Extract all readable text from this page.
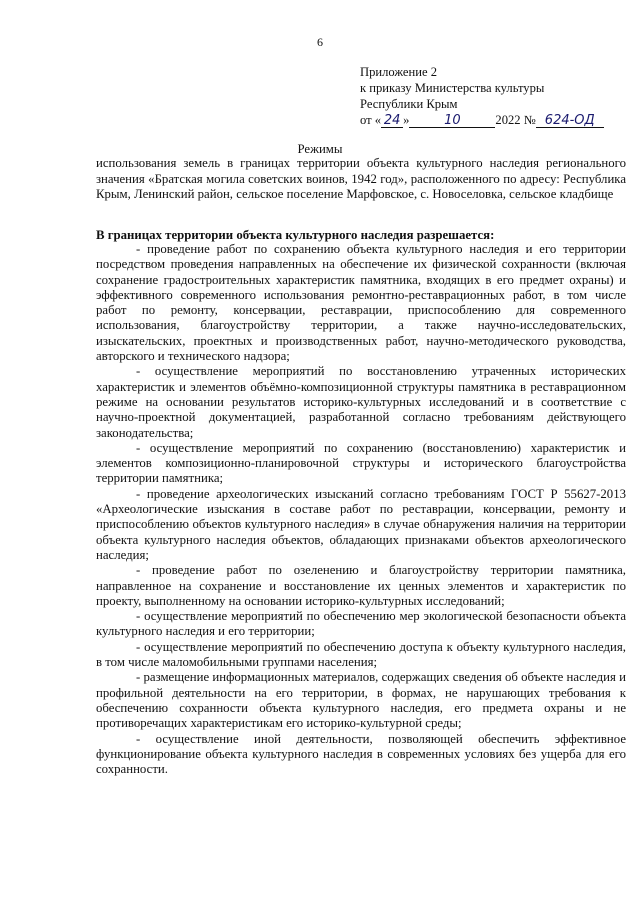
6
Приложение 2
к приказу Министерства культуры
Республики Крым
от « 24 »	10	2022 № 624-ОД
Режимы

использования земель в границах территории объекта культурного наследия регионального значения «Братская могила советских воинов, 1942 год», расположенного по адресу: Республика Крым, Ленинский район, сельское поселение Марфовское, с. Новоселовка, сельское кладбище

В границах территории объекта культурного наследия разрешается:

- проведение работ по сохранению объекта культурного наследия и его территории посредством проведения направленных на обеспечение их физической сохранности (включая сохранение градостроительных характеристик памятника, входящих в его предмет охраны) и эффективного современного использования ремонтно-реставрационных работ, в том числе работ по ремонту, консервации, реставрации, приспособлению для современного использования, благоустройству территории, а также научно-исследовательских, изыскательских, проектных и производственных работ, научно-методического руководства, авторского и технического надзора;

- осуществление мероприятий по восстановлению утраченных исторических характеристик и элементов объёмно-композиционной структуры памятника в реставрационном режиме на основании результатов историко-культурных исследований и в соответствие с научно-проектной документацией, разработанной согласно требованиям действующего законодательства;

- осуществление мероприятий по сохранению (восстановлению) характеристик и элементов композиционно-планировочной структуры и исторического благоустройства территории памятника;

- проведение археологических изысканий согласно требованиям ГОСТ Р 55627-2013 «Археологические изыскания в составе работ по реставрации, консервации, ремонту и приспособлению объектов культурного наследия» в случае обнаружения наличия на территории объекта культурного наследия объектов, обладающих признаками объектов археологического наследия;

- проведение работ по озеленению и благоустройству территории памятника, направленное на сохранение и восстановление их ценных элементов и характеристик по проекту, выполненному на основании историко-культурных исследований;

- осуществление мероприятий по обеспечению мер экологической безопасности объекта культурного наследия и его территории;

- осуществление мероприятий по обеспечению доступа к объекту культурного наследия, в том числе маломобильными группами населения;

- размещение информационных материалов, содержащих сведения об объекте наследия и профильной деятельности на его территории, в формах, не нарушающих требования к обеспечению сохранности объекта культурного наследия, его предмета охраны и не противоречащих характеристикам его историко-культурной среды;

- осуществление иной деятельности, позволяющей обеспечить эффективное функционирование объекта культурного наследия в современных условиях без ущерба для его сохранности.
